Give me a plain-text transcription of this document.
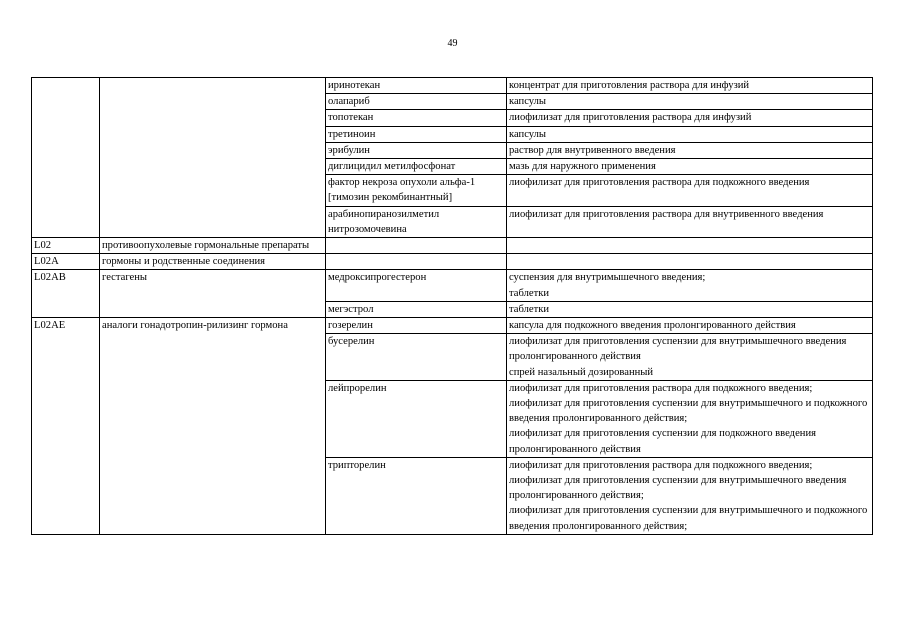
49
		иринотекан	концентрат для приготовления раствора для инфузий
		олапариб	капсулы
		топотекан	лиофилизат для приготовления раствора для инфузий
		третиноин	капсулы
		эрибулин	раствор для внутривенного введения
		диглицидил метилфосфонат	мазь для наружного применения
		фактор некроза опухоли альфа-1 [тимозин рекомбинантный]	лиофилизат для приготовления раствора для подкожного введения
		арабинопиранозилметил нитрозомочевина	лиофилизат для приготовления раствора для внутривенного введения
L02	противоопухолевые гормональные препараты		
L02A	гормоны и родственные соединения		
L02AB	гестагены	медроксипрогестерон	суспензия для внутримышечного введения;
таблетки

		мегэстрол	таблетки
L02AE	аналоги гонадотропин-рилизинг гормона	гозерелин	капсула для подкожного введения пролонгированного действия
		бусерелин	лиофилизат для приготовления суспензии для внутримышечного введения пролонгированного действия
спрей назальный дозированный

		лейпрорелин	лиофилизат для приготовления раствора для подкожного введения;
лиофилизат для приготовления суспензии для внутримышечного и подкожного введения пролонгированного действия;
лиофилизат для приготовления суспензии для подкожного введения пролонгированного действия

		трипторелин	лиофилизат для приготовления раствора для подкожного введения;
лиофилизат для приготовления суспензии для внутримышечного введения пролонгированного действия;
лиофилизат для приготовления суспензии для внутримышечного и подкожного введения пролонгированного действия;
